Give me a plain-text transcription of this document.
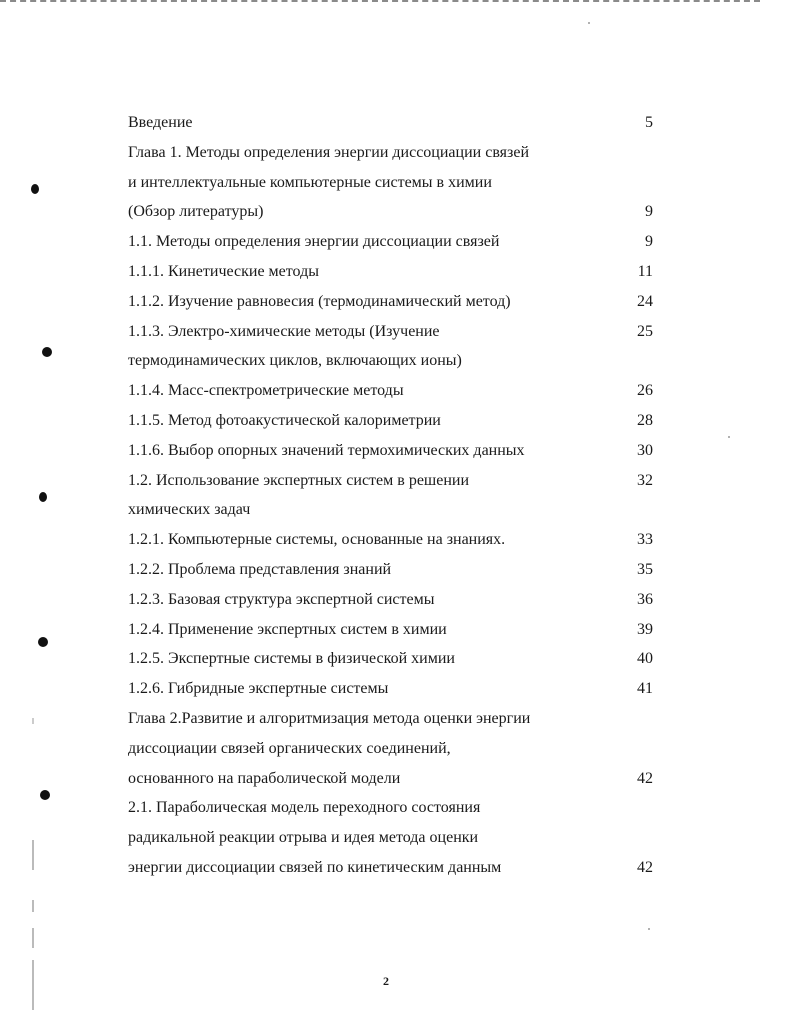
Введение	5
Глава 1. Методы определения энергии диссоциации связей
и интеллектуальные компьютерные системы в химии
(Обзор литературы)	9
1.1. Методы определения энергии диссоциации связей	9
1.1.1. Кинетические методы	11
1.1.2. Изучение равновесия (термодинамический метод)	24
1.1.3. Электро-химические методы (Изучение	25
термодинамических циклов, включающих ионы)
1.1.4. Масс-спектрометрические методы	26
1.1.5. Метод фотоакустической калориметрии	28
1.1.6. Выбор опорных значений термохимических данных	30
1.2. Использование экспертных систем в решении	32
химических задач
1.2.1. Компьютерные системы, основанные на знаниях.	33
1.2.2. Проблема представления знаний	35
1.2.3. Базовая структура экспертной системы	36
1.2.4. Применение экспертных систем в химии	39
1.2.5. Экспертные системы в физической химии	40
1.2.6. Гибридные экспертные системы	41
Глава 2.Развитие и алгоритмизация метода оценки энергии
диссоциации связей органических соединений,
основанного на параболической модели	42
2.1. Параболическая модель переходного состояния
радикальной реакции отрыва и идея метода оценки
энергии диссоциации связей по кинетическим данным	42
2
